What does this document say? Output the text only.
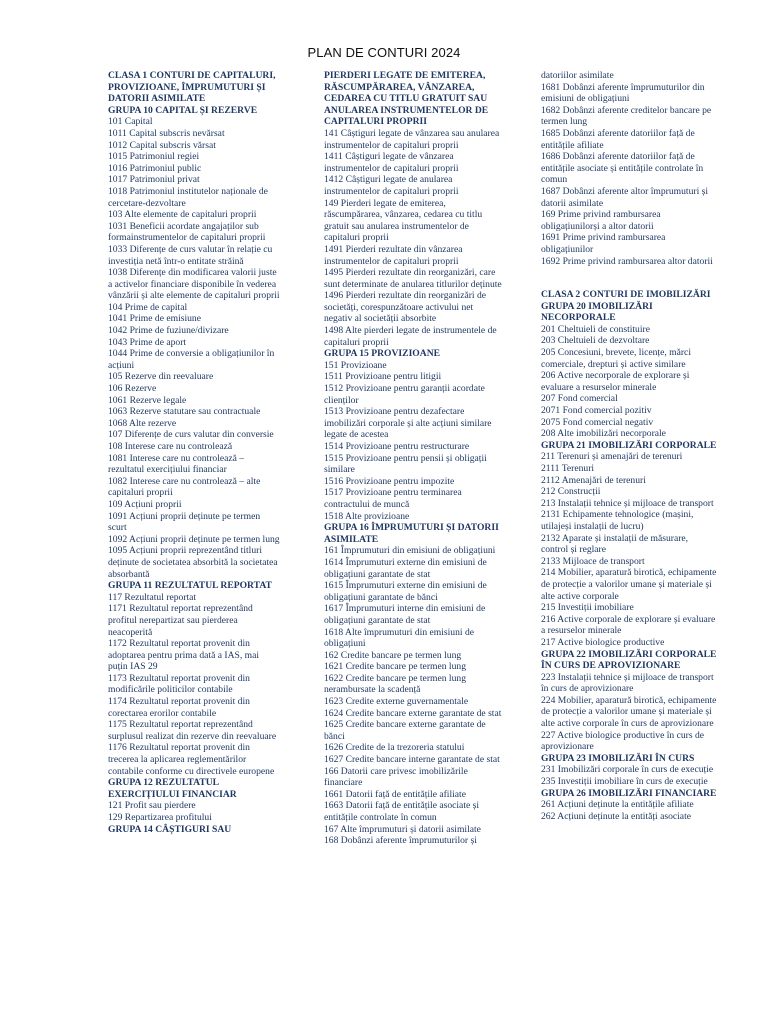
PLAN DE CONTURI 2024

CLASA 1 CONTURI DE CAPITALURI, PROVIZIOANE, ÎMPRUMUTURI ȘI DATORII ASIMILATE

GRUPA 10 CAPITAL ȘI REZERVE

101 Capital

1011 Capital subscris nevărsat

1012 Capital subscris vărsat

1015 Patrimoniul regiei

1016 Patrimoniul public

1017 Patrimoniul privat

1018 Patrimoniul institutelor naționale de cercetare-dezvoltare

103 Alte elemente de capitaluri proprii

1031 Beneficii acordate angajaților sub formainstrumentelor de capitaluri proprii

1033 Diferențe de curs valutar în relație cu investiția netă într-o entitate străină

1038 Diferențe din modificarea valorii juste a activelor financiare disponibile în vederea vânzării și alte elemente de capitaluri proprii

104 Prime de capital

1041 Prime de emisiune

1042 Prime de fuziune/divizare

1043 Prime de aport

1044 Prime de conversie a obligațiunilor în acțiuni

105 Rezerve din reevaluare

106 Rezerve

1061 Rezerve legale

1063 Rezerve statutare sau contractuale

1068 Alte rezerve

107 Diferențe de curs valutar din conversie

108 Interese care nu controlează

1081 Interese care nu controlează – rezultatul exercițiului financiar

1082 Interese care nu controlează – alte capitaluri proprii

109 Acțiuni proprii

1091 Acțiuni proprii deținute pe termen scurt

1092 Acțiuni proprii deținute pe termen lung

1095 Acțiuni proprii reprezentând titluri deținute de societatea absorbită la societatea absorbantă

GRUPA 11 REZULTATUL REPORTAT

117 Rezultatul reportat

1171 Rezultatul reportat reprezentând profitul nerepartizat sau pierderea neacoperită

1172 Rezultatul reportat provenit din adoptarea pentru prima dată a IAS, mai puțin IAS 29

1173 Rezultatul reportat provenit din modificările politicilor contabile

1174 Rezultatul reportat provenit din corectarea erorilor contabile

1175 Rezultatul reportat reprezentând surplusul realizat din rezerve din reevaluare

1176 Rezultatul reportat provenit din trecerea la aplicarea reglementărilor contabile conforme cu directivele europene

GRUPA 12 REZULTATUL EXERCIȚIULUI FINANCIAR

121 Profit sau pierdere

129 Repartizarea profitului

GRUPA 14 CÂȘTIGURI SAU

PIERDERI LEGATE DE EMITEREA, RĂSCUMPĂRAREA, VÂNZAREA, CEDAREA CU TITLU GRATUIT SAU ANULAREA INSTRUMENTELOR DE CAPITALURI PROPRII

141 Câștiguri legate de vânzarea sau anularea instrumentelor de capitaluri proprii

1411 Câștiguri legate de vânzarea instrumentelor de capitaluri proprii

1412 Câștiguri legate de anularea instrumentelor de capitaluri proprii

149 Pierderi legate de emiterea, răscumpărarea, vânzarea, cedarea cu titlu gratuit sau anularea instrumentelor de capitaluri proprii

1491 Pierderi rezultate din vânzarea instrumentelor de capitaluri proprii

1495 Pierderi rezultate din reorganizări, care sunt determinate de anularea titlurilor deținute

1496 Pierderi rezultate din reorganizări de societăți, corespunzătoare activului net negativ al societății absorbite

1498 Alte pierderi legate de instrumentele de capitaluri proprii

GRUPA 15 PROVIZIOANE

151 Provizioane

1511 Provizioane pentru litigii

1512 Provizioane pentru garanții acordate clienților

1513 Provizioane pentru dezafectare imobilizări corporale și alte acțiuni similare legate de acestea

1514 Provizioane pentru restructurare

1515 Provizioane pentru pensii și obligații similare

1516 Provizioane pentru impozite

1517 Provizioane pentru terminarea contractului de muncă

1518 Alte provizioane

GRUPA 16 ÎMPRUMUTURI ȘI DATORII ASIMILATE

161 Împrumuturi din emisiuni de obligațiuni

1614 Împrumuturi externe din emisiuni de obligațiuni garantate de stat

1615 Împrumuturi externe din emisiuni de obligațiuni garantate de bănci

1617 Împrumuturi interne din emisiuni de obligațiuni garantate de stat

1618 Alte împrumuturi din emisiuni de obligațiuni

162 Credite bancare pe termen lung

1621 Credite bancare pe termen lung

1622 Credite bancare pe termen lung nerambursate la scadență

1623 Credite externe guvernamentale

1624 Credite bancare externe garantate de stat

1625 Credite bancare externe garantate de bănci

1626 Credite de la trezoreria statului

1627 Credite bancare interne garantate de stat

166 Datorii care privesc imobilizările financiare

1661 Datorii față de entitățile afiliate

1663 Datorii față de entitățile asociate și entitățile controlate în comun

167 Alte împrumuturi și datorii asimilate

168 Dobânzi aferente împrumuturilor și

datoriilor asimilate

1681 Dobânzi aferente împrumuturilor din emisiuni de obligațiuni

1682 Dobânzi aferente creditelor bancare pe termen lung

1685 Dobânzi aferente datoriilor față de entitățile afiliate

1686 Dobânzi aferente datoriilor față de entitățile asociate și entitățile controlate în comun

1687 Dobânzi aferente altor împrumuturi și datorii asimilate

169 Prime privind rambursarea obligațiunilorși a altor datorii

1691 Prime privind rambursarea obligațiunilor

1692 Prime privind rambursarea altor datorii

CLASA 2 CONTURI DE IMOBILIZĂRI

GRUPA 20 IMOBILIZĂRI NECORPORALE

201 Cheltuieli de constituire

203 Cheltuieli de dezvoltare

205 Concesiuni, brevete, licențe, mărci comerciale, drepturi și active similare

206 Active necorporale de explorare și evaluare a resurselor minerale

207 Fond comercial

2071 Fond comercial pozitiv

2075 Fond comercial negativ

208 Alte imobilizări necorporale

GRUPA 21 IMOBILIZĂRI CORPORALE

211 Terenuri și amenajări de terenuri

2111 Terenuri

2112 Amenajări de terenuri

212 Construcții

213 Instalații tehnice și mijloace de transport

2131 Echipamente tehnologice (mașini, utilajeși instalații de lucru)

2132 Aparate și instalații de măsurare, control și reglare

2133 Mijloace de transport

214 Mobilier, aparatură birotică, echipamente de protecție a valorilor umane și materiale și alte active corporale

215 Investiții imobiliare

216 Active corporale de explorare și evaluare a resurselor minerale

217 Active biologice productive

GRUPA 22 IMOBILIZĂRI CORPORALE ÎN CURS DE APROVIZIONARE

223 Instalații tehnice și mijloace de transport în curs de aprovizionare

224 Mobilier, aparatură birotică, echipamente de protecție a valorilor umane și materiale și alte active corporale în curs de aprovizionare

227 Active biologice productive în curs de aprovizionare

GRUPA 23 IMOBILIZĂRI ÎN CURS

231 Imobilizări corporale în curs de execuție

235 Investiții imobiliare în curs de execuție

GRUPA 26 IMOBILIZĂRI FINANCIARE

261 Acțiuni deținute la entitățile afiliate

262 Acțiuni deținute la entități asociate
